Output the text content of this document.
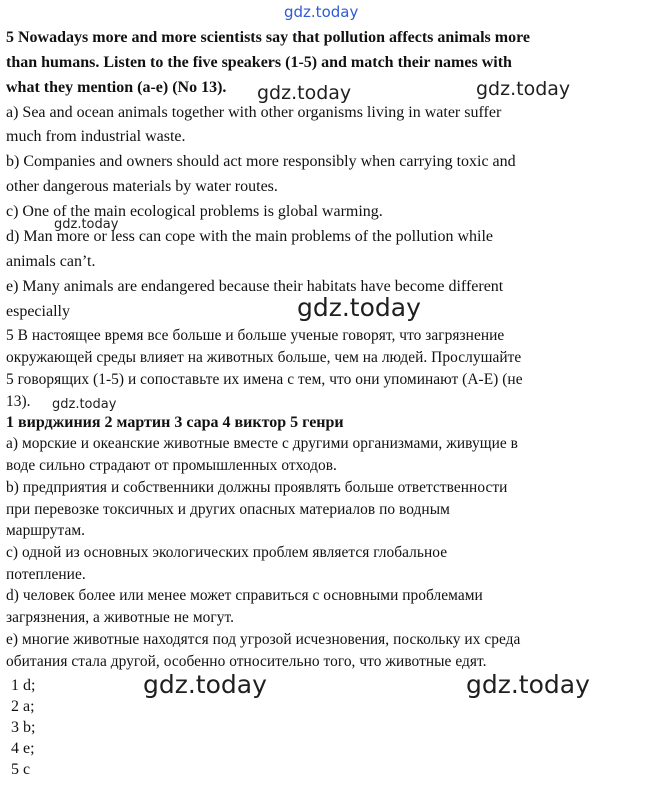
5 Nowadays more and more scientists say that pollution affects animals more
than humans. Listen to the five speakers (1-5) and match their names with
what they mention (a-e) (No 13).
a) Sea and ocean animals together with other organisms living in water suffer
much from industrial waste.
b) Companies and owners should act more responsibly when carrying toxic and
other dangerous materials by water routes.
c) One of the main ecological problems is global warming.
d) Man more or less can cope with the main problems of the pollution while
animals can’t.
e) Many animals are endangered because their habitats have become different
especially
5 В настоящее время все больше и больше ученые говорят, что загрязнение
окружающей среды влияет на животных больше, чем на людей. Прослушайте
5 говорящих (1-5) и сопоставьте их имена с тем, что они упоминают (A-E) (не
13).
1 вирджиния 2 мартин 3 сара 4 виктор 5 генри
а) морские и океанские животные вместе с другими организмами, живущие в
воде сильно страдают от промышленных отходов.
b) предприятия и собственники должны проявлять больше ответственности
при перевозке токсичных и других опасных материалов по водным
маршрутам.
c) одной из основных экологических проблем является глобальное
потепление.
d) человек более или менее может справиться с основными проблемами
загрязнения, а животные не могут.
e) многие животные находятся под угрозой исчезновения, поскольку их среда
обитания стала другой, особенно относительно того, что животные едят.
1 d;
2 a;
3 b;
4 e;
5 c
gdz.today
gdz.today	gdz.today
gdz.today
gdz.today
gdz.today
gdz.today	gdz.today
